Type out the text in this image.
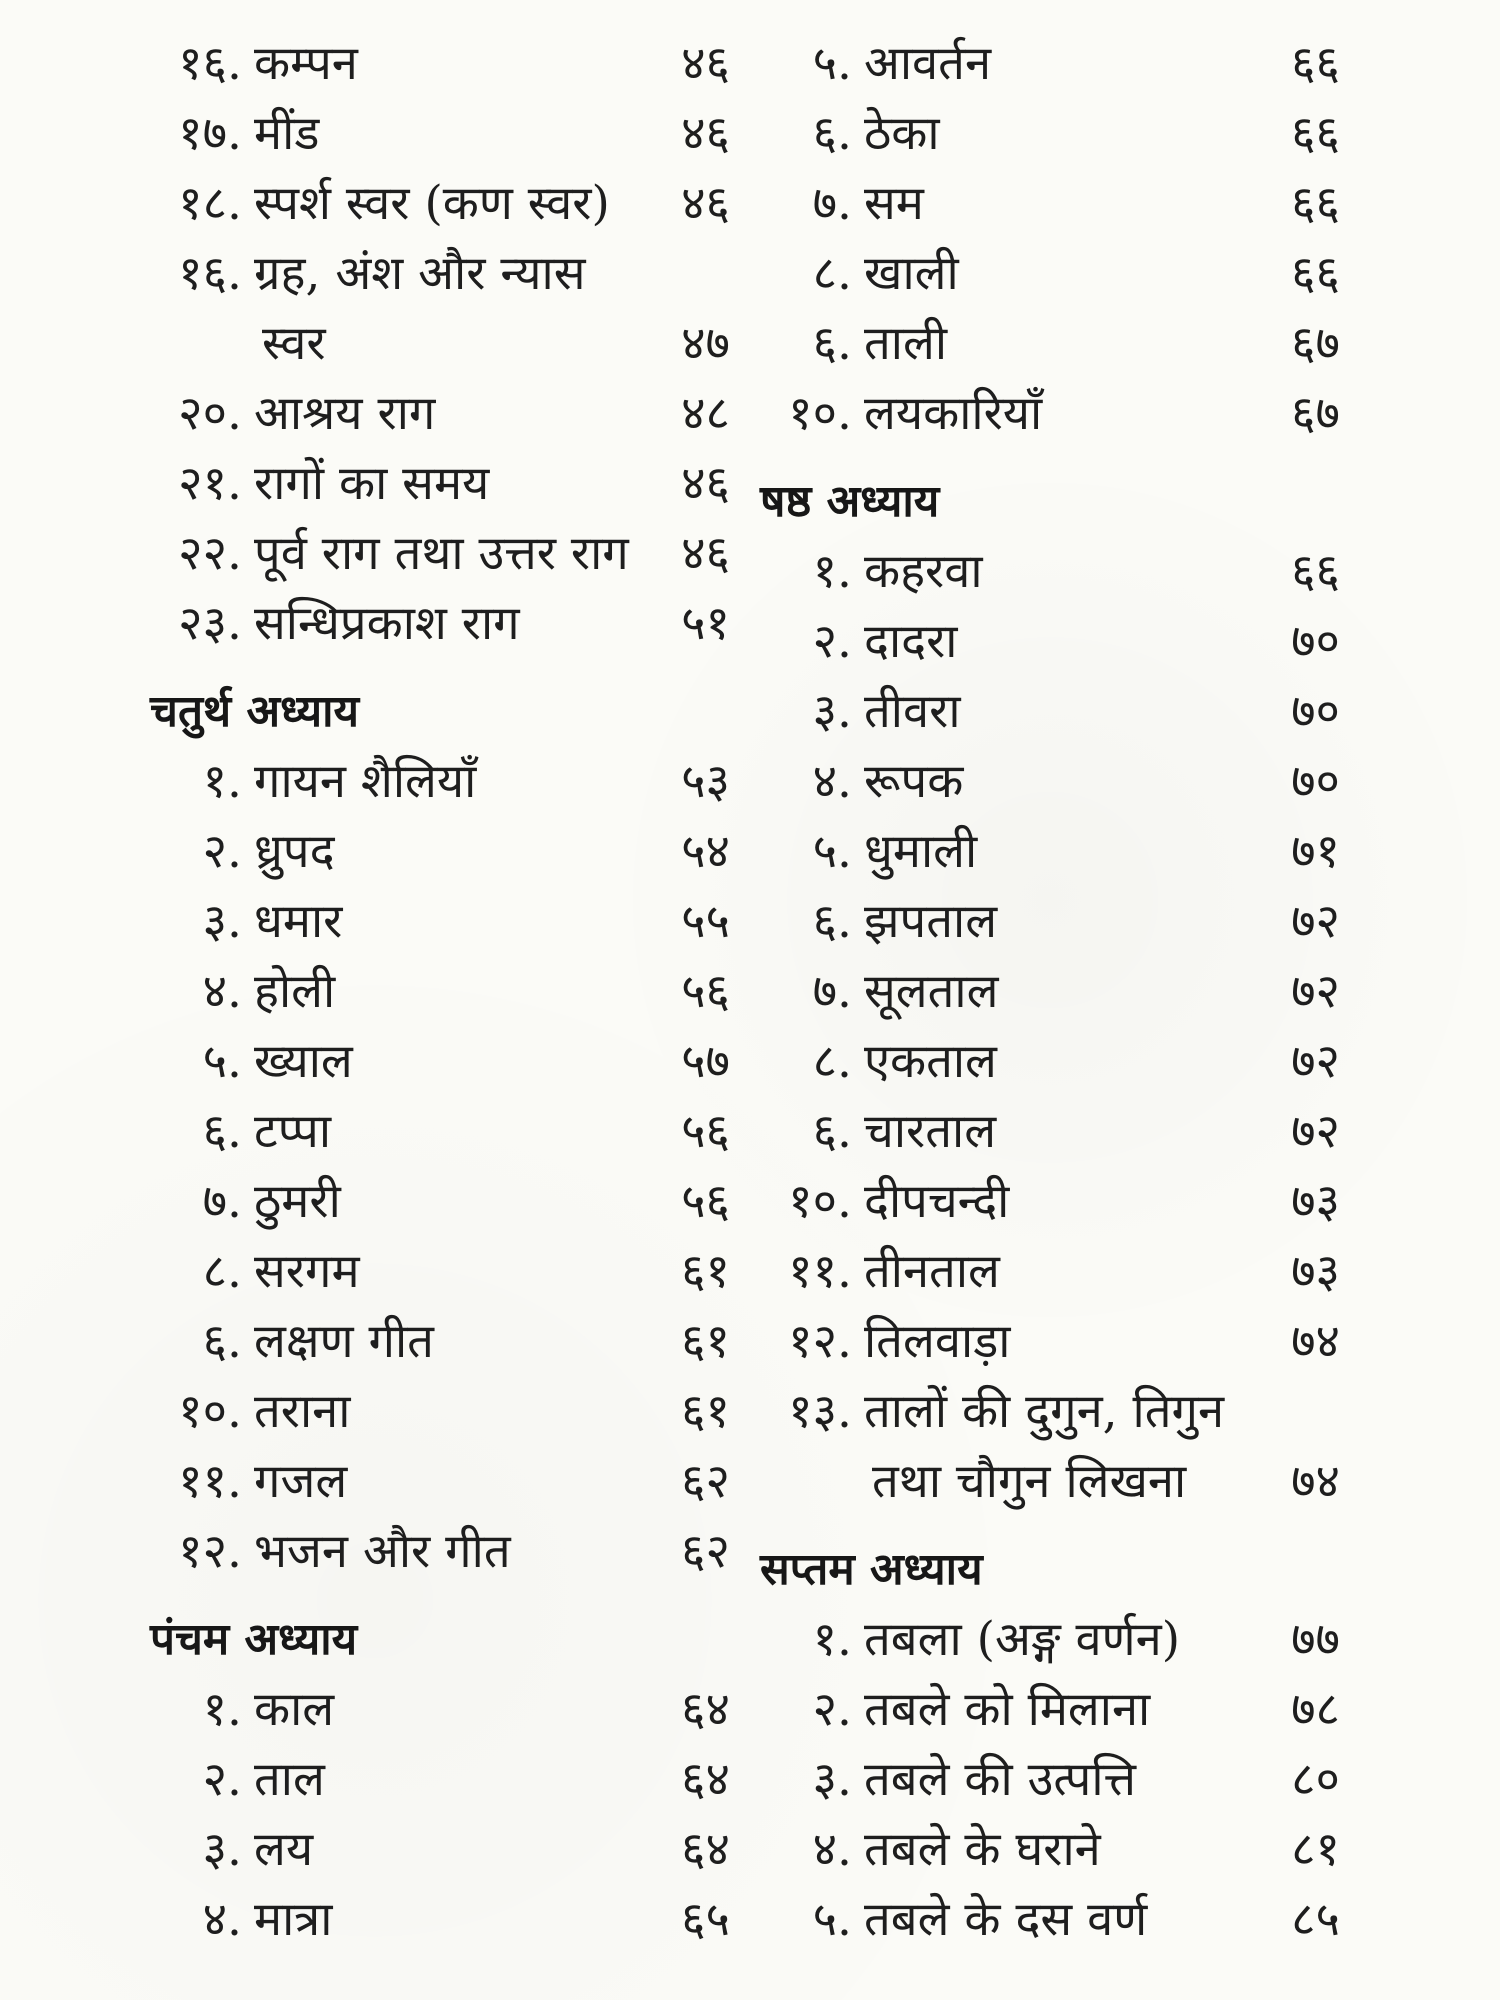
१६. कम्पन	४६
१७. मींड	४६
१८. स्पर्श स्वर (कण स्वर)	४६
१६. ग्रह, अंश और न्यास
स्वर	४७
२०. आश्रय राग	४८
२१. रागों का समय	४६
२२. पूर्व राग तथा उत्तर राग	४६
२३. सन्धिप्रकाश राग	५१
चतुर्थ अध्याय
१. गायन शैलियाँ	५३
२. ध्रुपद	५४
३. धमार	५५
४. होली	५६
५. ख्याल	५७
६. टप्पा	५६
७. ठुमरी	५६
८. सरगम	६१
६. लक्षण गीत	६१
१०. तराना	६१
११. गजल	६२
१२. भजन और गीत	६२
पंचम अध्याय
१. काल	६४
२. ताल	६४
३. लय	६४
४. मात्रा	६५
५. आवर्तन	६६
६. ठेका	६६
७. सम	६६
८. खाली	६६
६. ताली	६७
१०. लयकारियाँ	६७
षष्ठ अध्याय
१. कहरवा	६६
२. दादरा	७०
३. तीवरा	७०
४. रूपक	७०
५. धुमाली	७१
६. झपताल	७२
७. सूलताल	७२
८. एकताल	७२
६. चारताल	७२
१०. दीपचन्दी	७३
११. तीनताल	७३
१२. तिलवाड़ा	७४
१३. तालों की दुगुन, तिगुन
तथा चौगुन लिखना	७४
सप्तम अध्याय
१. तबला (अङ्ग वर्णन)	७७
२. तबले को मिलाना	७८
३. तबले की उत्पत्ति	८०
४. तबले के घराने	८१
५. तबले के दस वर्ण	८५
